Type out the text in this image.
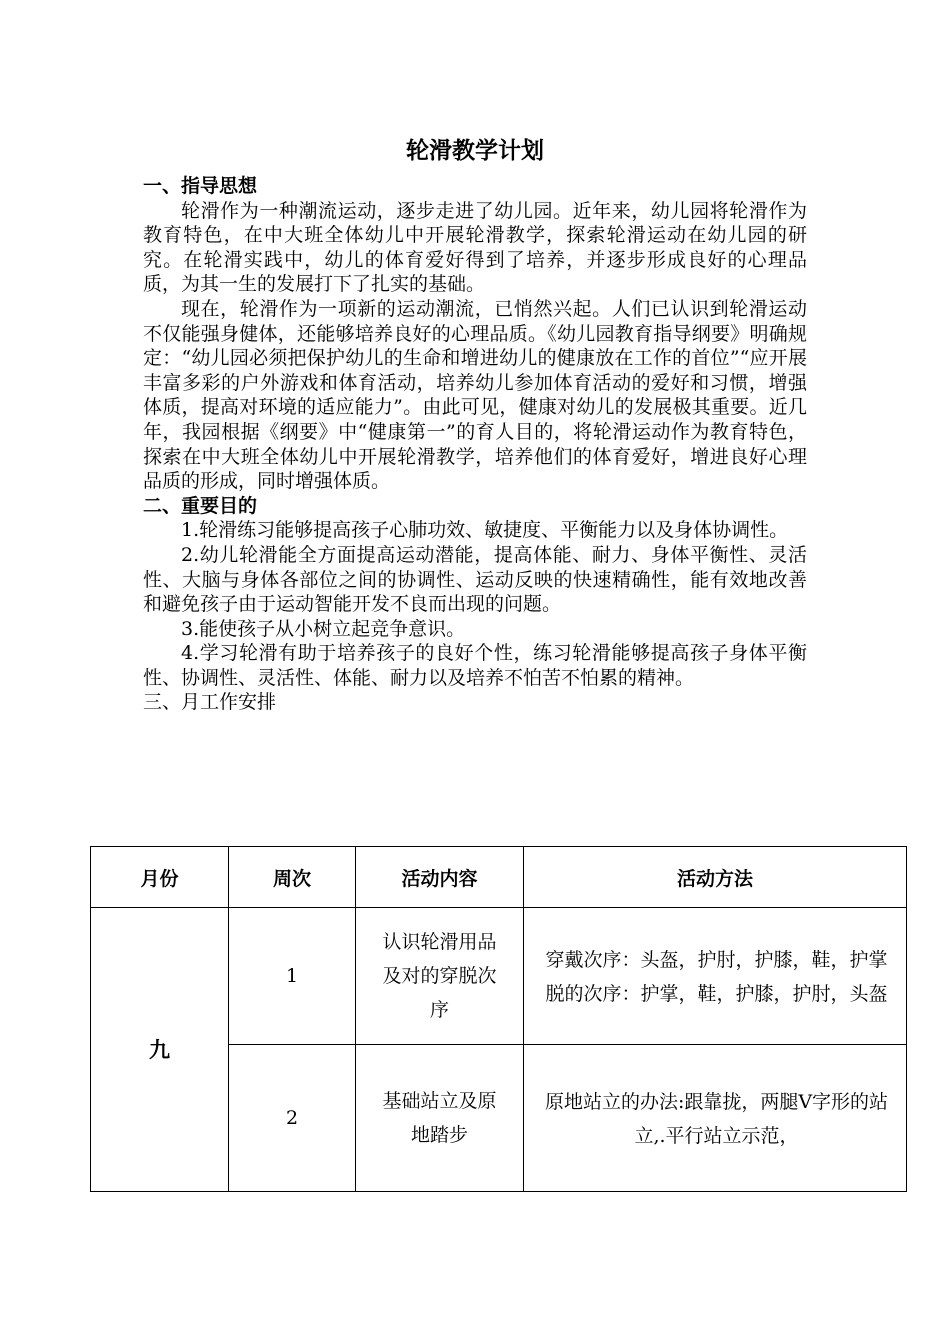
轮滑教学计划

一、指导思想

轮滑作为一种潮流运动，逐步走进了幼儿园。近年来，幼儿园将轮滑作为教育特色，在中大班全体幼儿中开展轮滑教学，探索轮滑运动在幼儿园的研究。在轮滑实践中，幼儿的体育爱好得到了培养，并逐步形成良好的心理品质，为其一生的发展打下了扎实的基础。

现在，轮滑作为一项新的运动潮流，已悄然兴起。人们已认识到轮滑运动不仅能强身健体，还能够培养良好的心理品质。《幼儿园教育指导纲要》明确规定：“幼儿园必须把保护幼儿的生命和增进幼儿的健康放在工作的首位”“应开展丰富多彩的户外游戏和体育活动，培养幼儿参加体育活动的爱好和习惯，增强体质，提高对环境的适应能力”。由此可见，健康对幼儿的发展极其重要。近几年，我园根据《纲要》中“健康第一”的育人目的，将轮滑运动作为教育特色，探索在中大班全体幼儿中开展轮滑教学，培养他们的体育爱好，增进良好心理品质的形成，同时增强体质。

二、重要目的

1.轮滑练习能够提高孩子心肺功效、敏捷度、平衡能力以及身体协调性。

2.幼儿轮滑能全方面提高运动潜能，提高体能、耐力、身体平衡性、灵活性、大脑与身体各部位之间的协调性、运动反映的快速精确性，能有效地改善和避免孩子由于运动智能开发不良而出现的问题。

3.能使孩子从小树立起竞争意识。

4.学习轮滑有助于培养孩子的良好个性，练习轮滑能够提高孩子身体平衡性、协调性、灵活性、体能、耐力以及培养不怕苦不怕累的精神。

三、月工作安排

月份	周次	活动内容	活动方法
九	1	认识轮滑用品及对的穿脱次序	穿戴次序：头盔，护肘，护膝，鞋，护掌
脱的次序：护掌，鞋，护膝，护肘，头盔

	2	基础站立及原地踏步	原地站立的办法:跟靠拢，两腿Ⅴ字形的站立,.平行站立示范，
